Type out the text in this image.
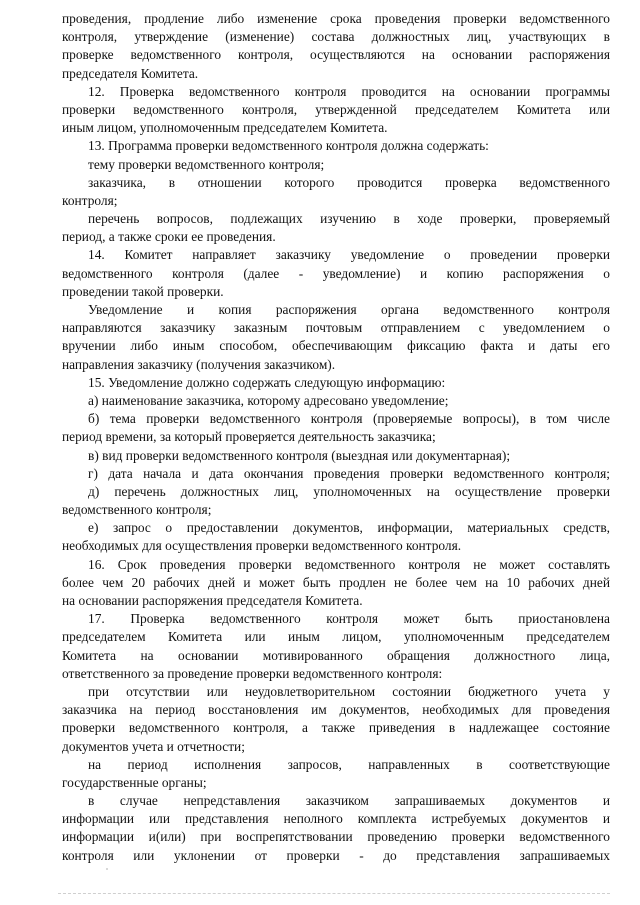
проведения, продление либо изменение срока проведения проверки ведомственного
контроля, утверждение (изменение) состава должностных лиц, участвующих в
проверке ведомственного контроля, осуществляются на основании распоряжения
председателя Комитета.
12. Проверка ведомственного контроля проводится на основании программы
проверки ведомственного контроля, утвержденной председателем Комитета или
иным лицом, уполномоченным председателем Комитета.
13. Программа проверки ведомственного контроля должна содержать:
тему проверки ведомственного контроля;
заказчика, в отношении которого проводится проверка ведомственного
контроля;
перечень вопросов, подлежащих изучению в ходе проверки, проверяемый
период, а также сроки ее проведения.
14. Комитет направляет заказчику уведомление о проведении проверки
ведомственного контроля (далее - уведомление) и копию распоряжения о
проведении такой проверки.
Уведомление и копия распоряжения органа ведомственного контроля
направляются заказчику заказным почтовым отправлением с уведомлением о
вручении либо иным способом, обеспечивающим фиксацию факта и даты его
направления заказчику (получения заказчиком).
15. Уведомление должно содержать следующую информацию:
а) наименование заказчика, которому адресовано уведомление;
б) тема проверки ведомственного контроля (проверяемые вопросы), в том числе
период времени, за который проверяется деятельность заказчика;
в) вид проверки ведомственного контроля (выездная или документарная);
г) дата начала и дата окончания проведения проверки ведомственного контроля;
д) перечень должностных лиц, уполномоченных на осуществление проверки
ведомственного контроля;
е) запрос о предоставлении документов, информации, материальных средств,
необходимых для осуществления проверки ведомственного контроля.
16. Срок проведения проверки ведомственного контроля не может составлять
более чем 20 рабочих дней и может быть продлен не более чем на 10 рабочих дней
на основании распоряжения председателя Комитета.
17. Проверка ведомственного контроля может быть приостановлена
председателем Комитета или иным лицом, уполномоченным председателем
Комитета на основании мотивированного обращения должностного лица,
ответственного за проведение проверки ведомственного контроля:
при отсутствии или неудовлетворительном состоянии бюджетного учета у
заказчика на период восстановления им документов, необходимых для проведения
проверки ведомственного контроля, а также приведения в надлежащее состояние
документов учета и отчетности;
на период исполнения запросов, направленных в соответствующие
государственные органы;
в случае непредставления заказчиком запрашиваемых документов и
информации или представления неполного комплекта истребуемых документов и
информации и(или) при воспрепятствовании проведению проверки ведомственного
контроля или уклонении от проверки - до представления запрашиваемых
